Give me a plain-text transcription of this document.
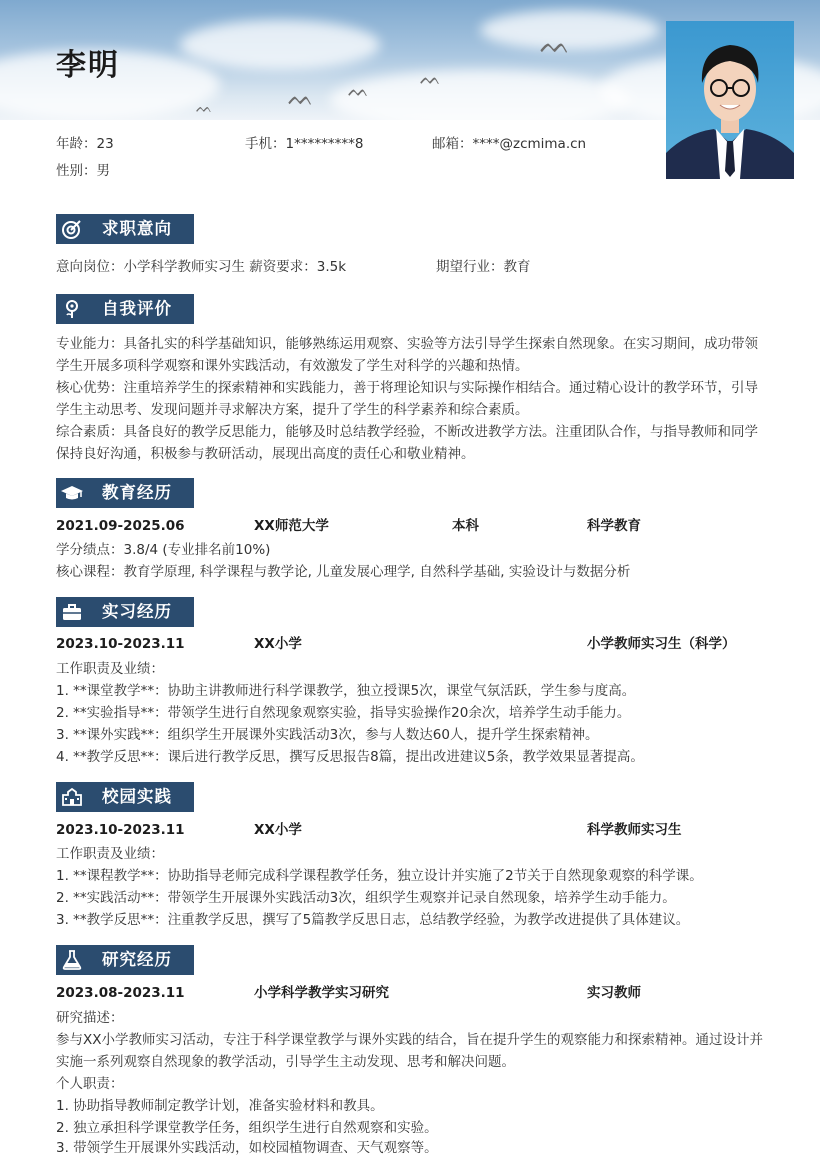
ᨓ
ᨓ
ᨓ
ᨓ
ᨓ
李明
年龄：23	手机：1*********8	邮箱：****@zcmima.cn
性别：男
求职意向
意向岗位：小学科学教师实习生 薪资要求：3.5k	期望行业：教育
自我评价
专业能力：具备扎实的科学基础知识，能够熟练运用观察、实验等方法引导学生探索自然现象。在实习期间，成功带领学生开展多项科学观察和课外实践活动，有效激发了学生对科学的兴趣和热情。
核心优势：注重培养学生的探索精神和实践能力，善于将理论知识与实际操作相结合。通过精心设计的教学环节，引导学生主动思考、发现问题并寻求解决方案，提升了学生的科学素养和综合素质。
综合素质：具备良好的教学反思能力，能够及时总结教学经验，不断改进教学方法。注重团队合作，与指导教师和同学保持良好沟通，积极参与教研活动，展现出高度的责任心和敬业精神。
教育经历
2021.09-2025.06	XX师范大学	本科	科学教育
学分绩点：3.8/4 (专业排名前10%)
核心课程：教育学原理, 科学课程与教学论, 儿童发展心理学, 自然科学基础, 实验设计与数据分析
实习经历
2023.10-2023.11	XX小学	小学教师实习生（科学）
工作职责及业绩：
1. **课堂教学**：协助主讲教师进行科学课教学，独立授课5次，课堂气氛活跃，学生参与度高。
2. **实验指导**：带领学生进行自然现象观察实验，指导实验操作20余次，培养学生动手能力。
3. **课外实践**：组织学生开展课外实践活动3次，参与人数达60人，提升学生探索精神。
4. **教学反思**：课后进行教学反思，撰写反思报告8篇，提出改进建议5条，教学效果显著提高。
校园实践
2023.10-2023.11	XX小学	科学教师实习生
工作职责及业绩：
1. **课程教学**：协助指导老师完成科学课程教学任务，独立设计并实施了2节关于自然现象观察的科学课。
2. **实践活动**：带领学生开展课外实践活动3次，组织学生观察并记录自然现象，培养学生动手能力。
3. **教学反思**：注重教学反思，撰写了5篇教学反思日志，总结教学经验，为教学改进提供了具体建议。
研究经历
2023.08-2023.11	小学科学教学实习研究	实习教师
研究描述：
参与XX小学教师实习活动，专注于科学课堂教学与课外实践的结合，旨在提升学生的观察能力和探索精神。通过设计并实施一系列观察自然现象的教学活动，引导学生主动发现、思考和解决问题。
个人职责：
1. 协助指导教师制定教学计划，准备实验材料和教具。
2. 独立承担科学课堂教学任务，组织学生进行自然观察和实验。
3. 带领学生开展课外实践活动，如校园植物调查、天气观察等。
